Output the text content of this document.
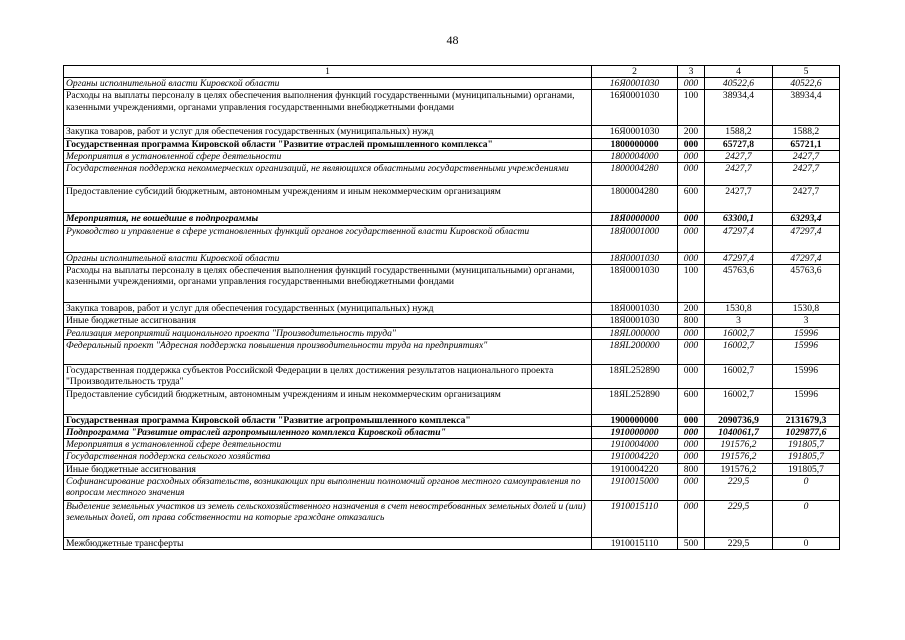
48
1	2	3	4	5
Органы исполнительной власти Кировской области	16Я0001030	000	40522,6	40522,6
Расходы на выплаты персоналу в целях обеспечения выполнения функций государственными (муниципальными) органами, казенными учреждениями, органами управления государственными внебюджетными фондами	16Я0001030	100	38934,4	38934,4
Закупка товаров, работ и услуг для обеспечения государственных (муниципальных) нужд	16Я0001030	200	1588,2	1588,2
Государственная программа Кировской области "Развитие отраслей промышленного комплекса"	1800000000	000	65727,8	65721,1
Мероприятия в установленной сфере деятельности	1800004000	000	2427,7	2427,7
Государственная поддержка некоммерческих организаций, не являющихся областными государственными учреждениями	1800004280	000	2427,7	2427,7
Предоставление субсидий бюджетным, автономным учреждениям и иным некоммерческим организациям	1800004280	600	2427,7	2427,7
Мероприятия, не вошедшие в подпрограммы	18Я0000000	000	63300,1	63293,4
Руководство и управление в сфере установленных функций органов государственной власти Кировской области	18Я0001000	000	47297,4	47297,4
Органы исполнительной власти Кировской области	18Я0001030	000	47297,4	47297,4
Расходы на выплаты персоналу в целях обеспечения выполнения функций государственными (муниципальными) органами, казенными учреждениями, органами управления государственными внебюджетными фондами	18Я0001030	100	45763,6	45763,6
Закупка товаров, работ и услуг для обеспечения государственных (муниципальных) нужд	18Я0001030	200	1530,8	1530,8
Иные бюджетные ассигнования	18Я0001030	800	3	3
Реализация мероприятий национального проекта "Производительность труда"	18ЯL000000	000	16002,7	15996
Федеральный проект "Адресная поддержка повышения производительности труда на предприятиях"	18ЯL200000	000	16002,7	15996
Государственная поддержка субъектов Российской Федерации в целях достижения результатов национального проекта "Производительность труда"	18ЯL252890	000	16002,7	15996
Предоставление субсидий бюджетным, автономным учреждениям и иным некоммерческим организациям	18ЯL252890	600	16002,7	15996
Государственная программа Кировской области "Развитие агропромышленного комплекса"	1900000000	000	2090736,9	2131679,3
Подпрограмма "Развитие отраслей агропромышленного комплекса Кировской области"	1910000000	000	1040061,7	1029877,6
Мероприятия в установленной сфере деятельности	1910004000	000	191576,2	191805,7
Государственная поддержка сельского хозяйства	1910004220	000	191576,2	191805,7
Иные бюджетные ассигнования	1910004220	800	191576,2	191805,7
Софинансирование расходных обязательств, возникающих при выполнении полномочий органов местного самоуправления по вопросам местного значения	1910015000	000	229,5	0
Выделение земельных участков из земель сельскохозяйственного назначения в счет невостребованных земельных долей и (или) земельных долей, от права собственности на которые граждане отказались	1910015110	000	229,5	0
Межбюджетные трансферты	1910015110	500	229,5	0
